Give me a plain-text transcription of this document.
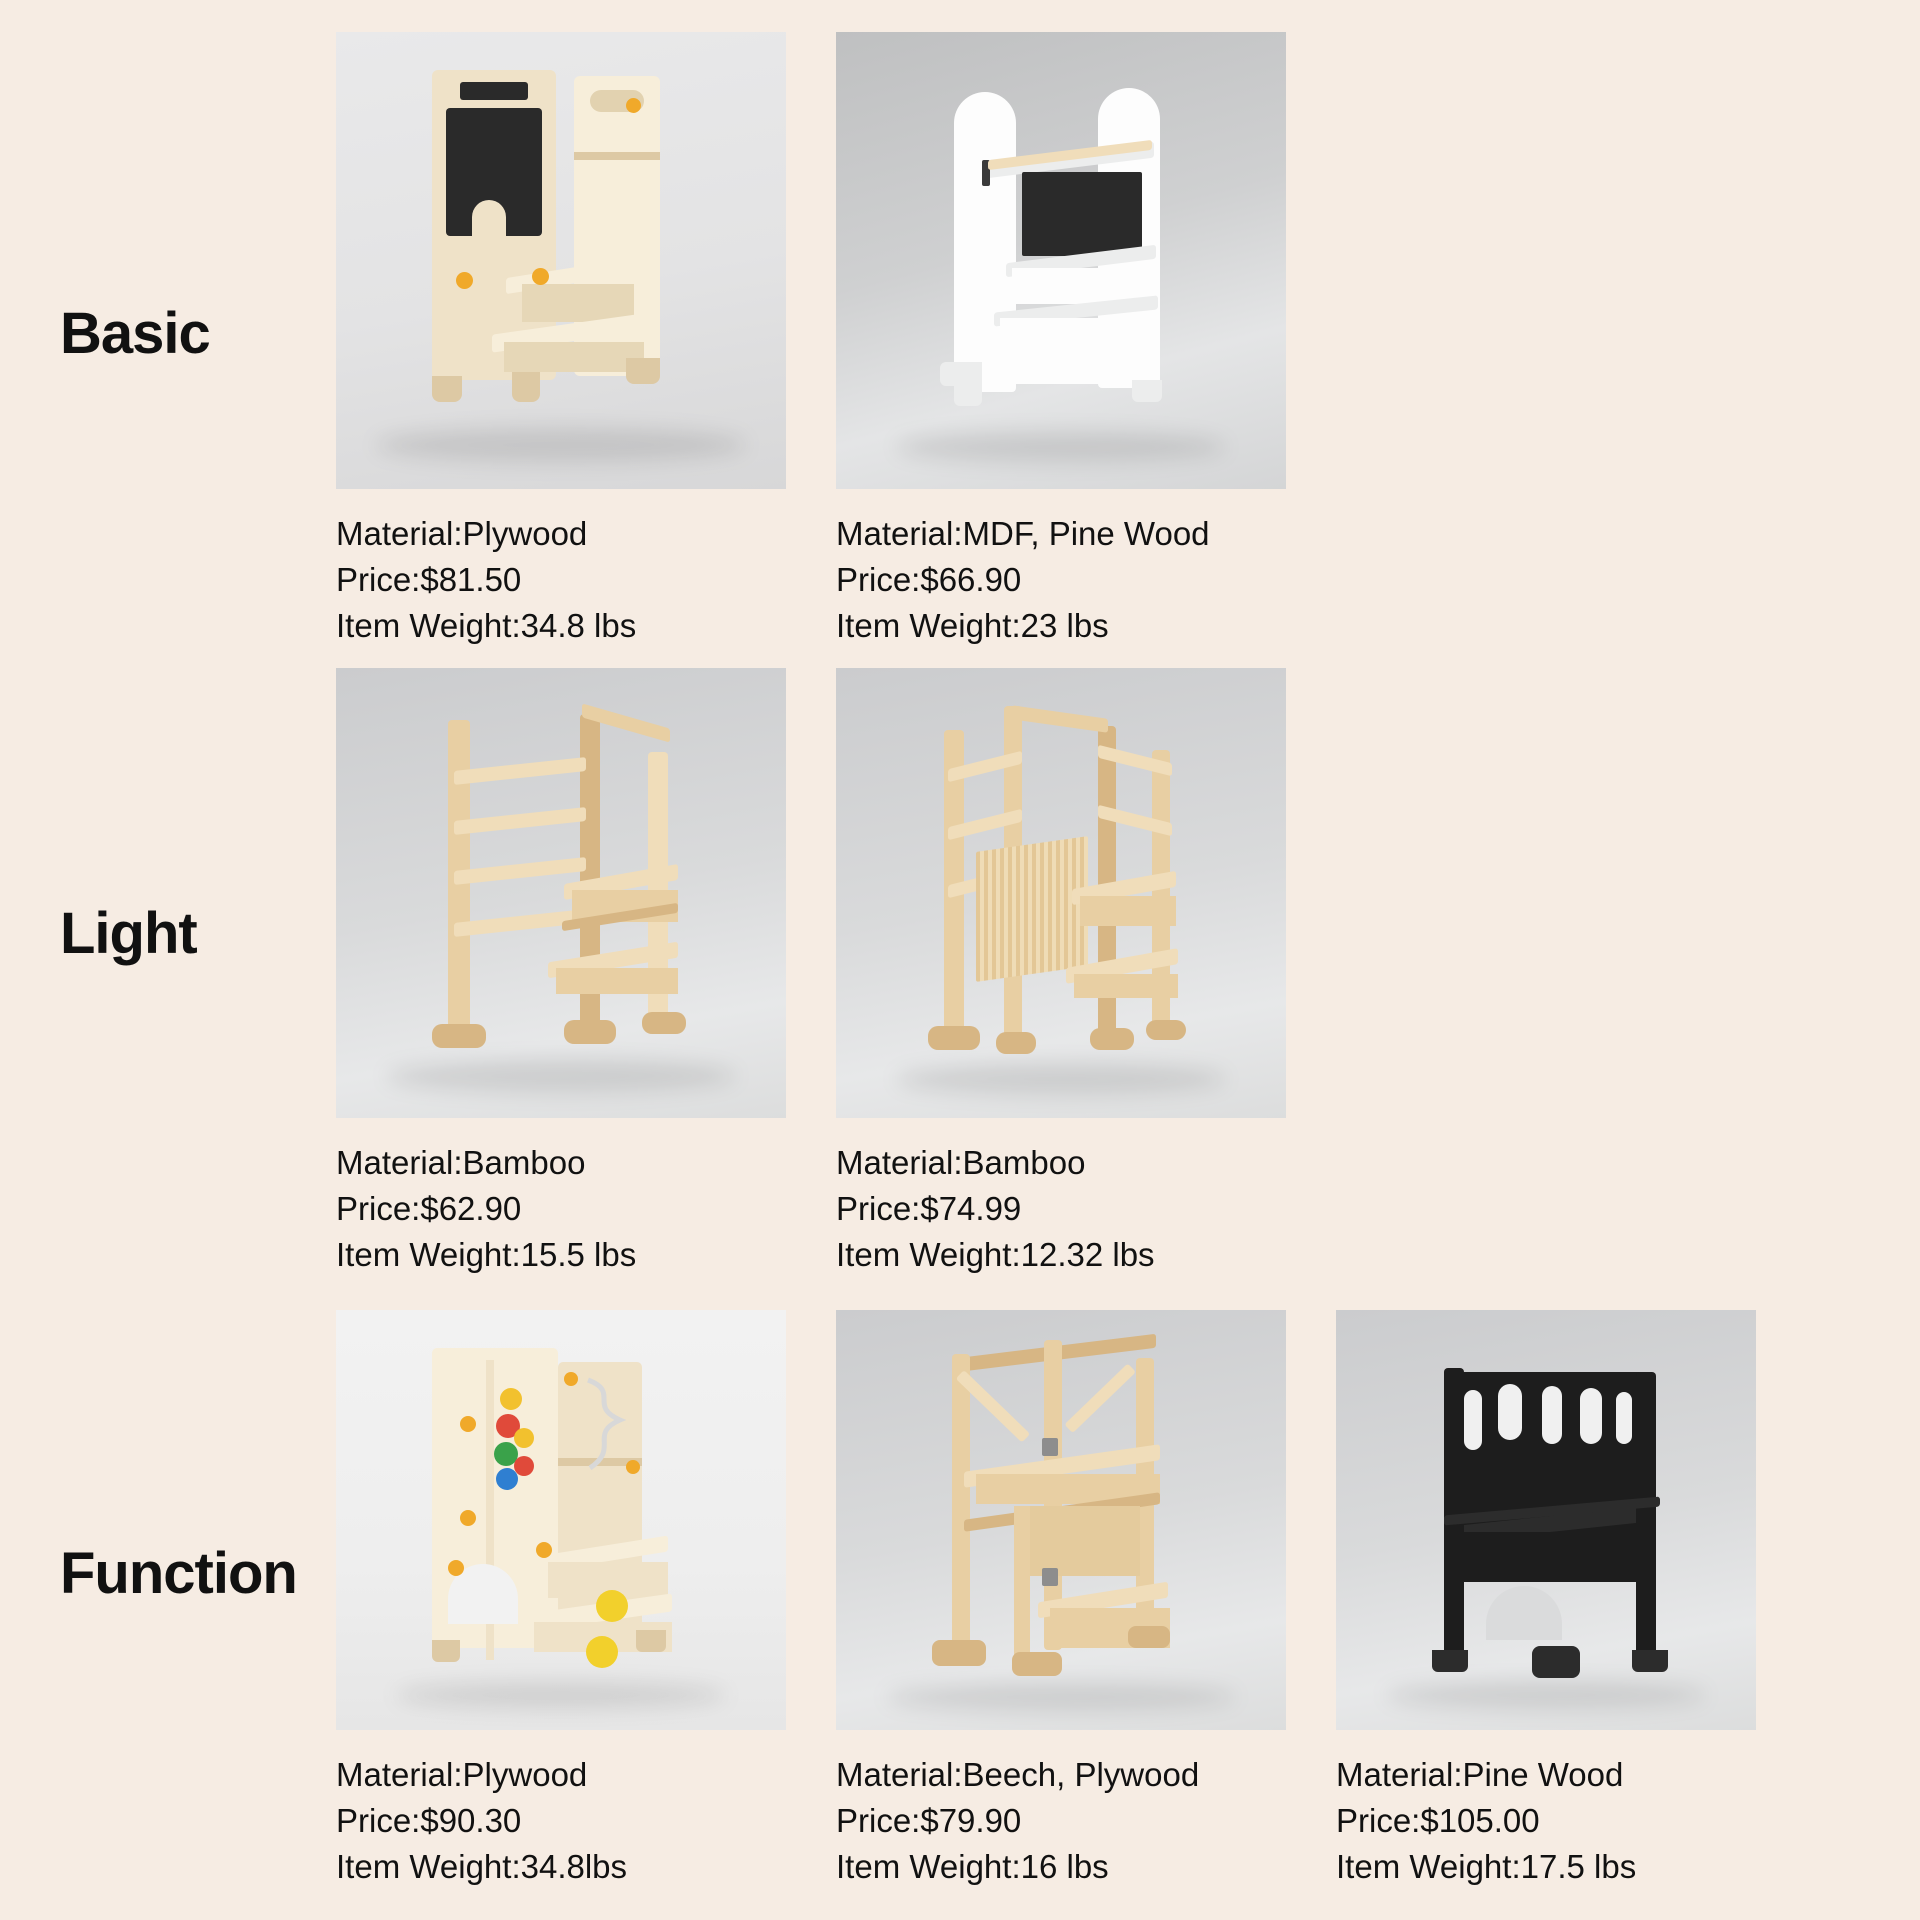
Basic
Light
Function
Material:Plywood
Price:$81.50
Item Weight:34.8 lbs
Material:MDF, Pine Wood
Price:$66.90
Item Weight:23 lbs
Material:Bamboo
Price:$62.90
Item Weight:15.5 lbs
Material:Bamboo
Price:$74.99
Item Weight:12.32 lbs
Material:Plywood
Price:$90.30
Item Weight:34.8lbs
Material:Beech, Plywood
Price:$79.90
Item Weight:16 lbs
Material:Pine Wood
Price:$105.00
Item Weight:17.5 lbs
